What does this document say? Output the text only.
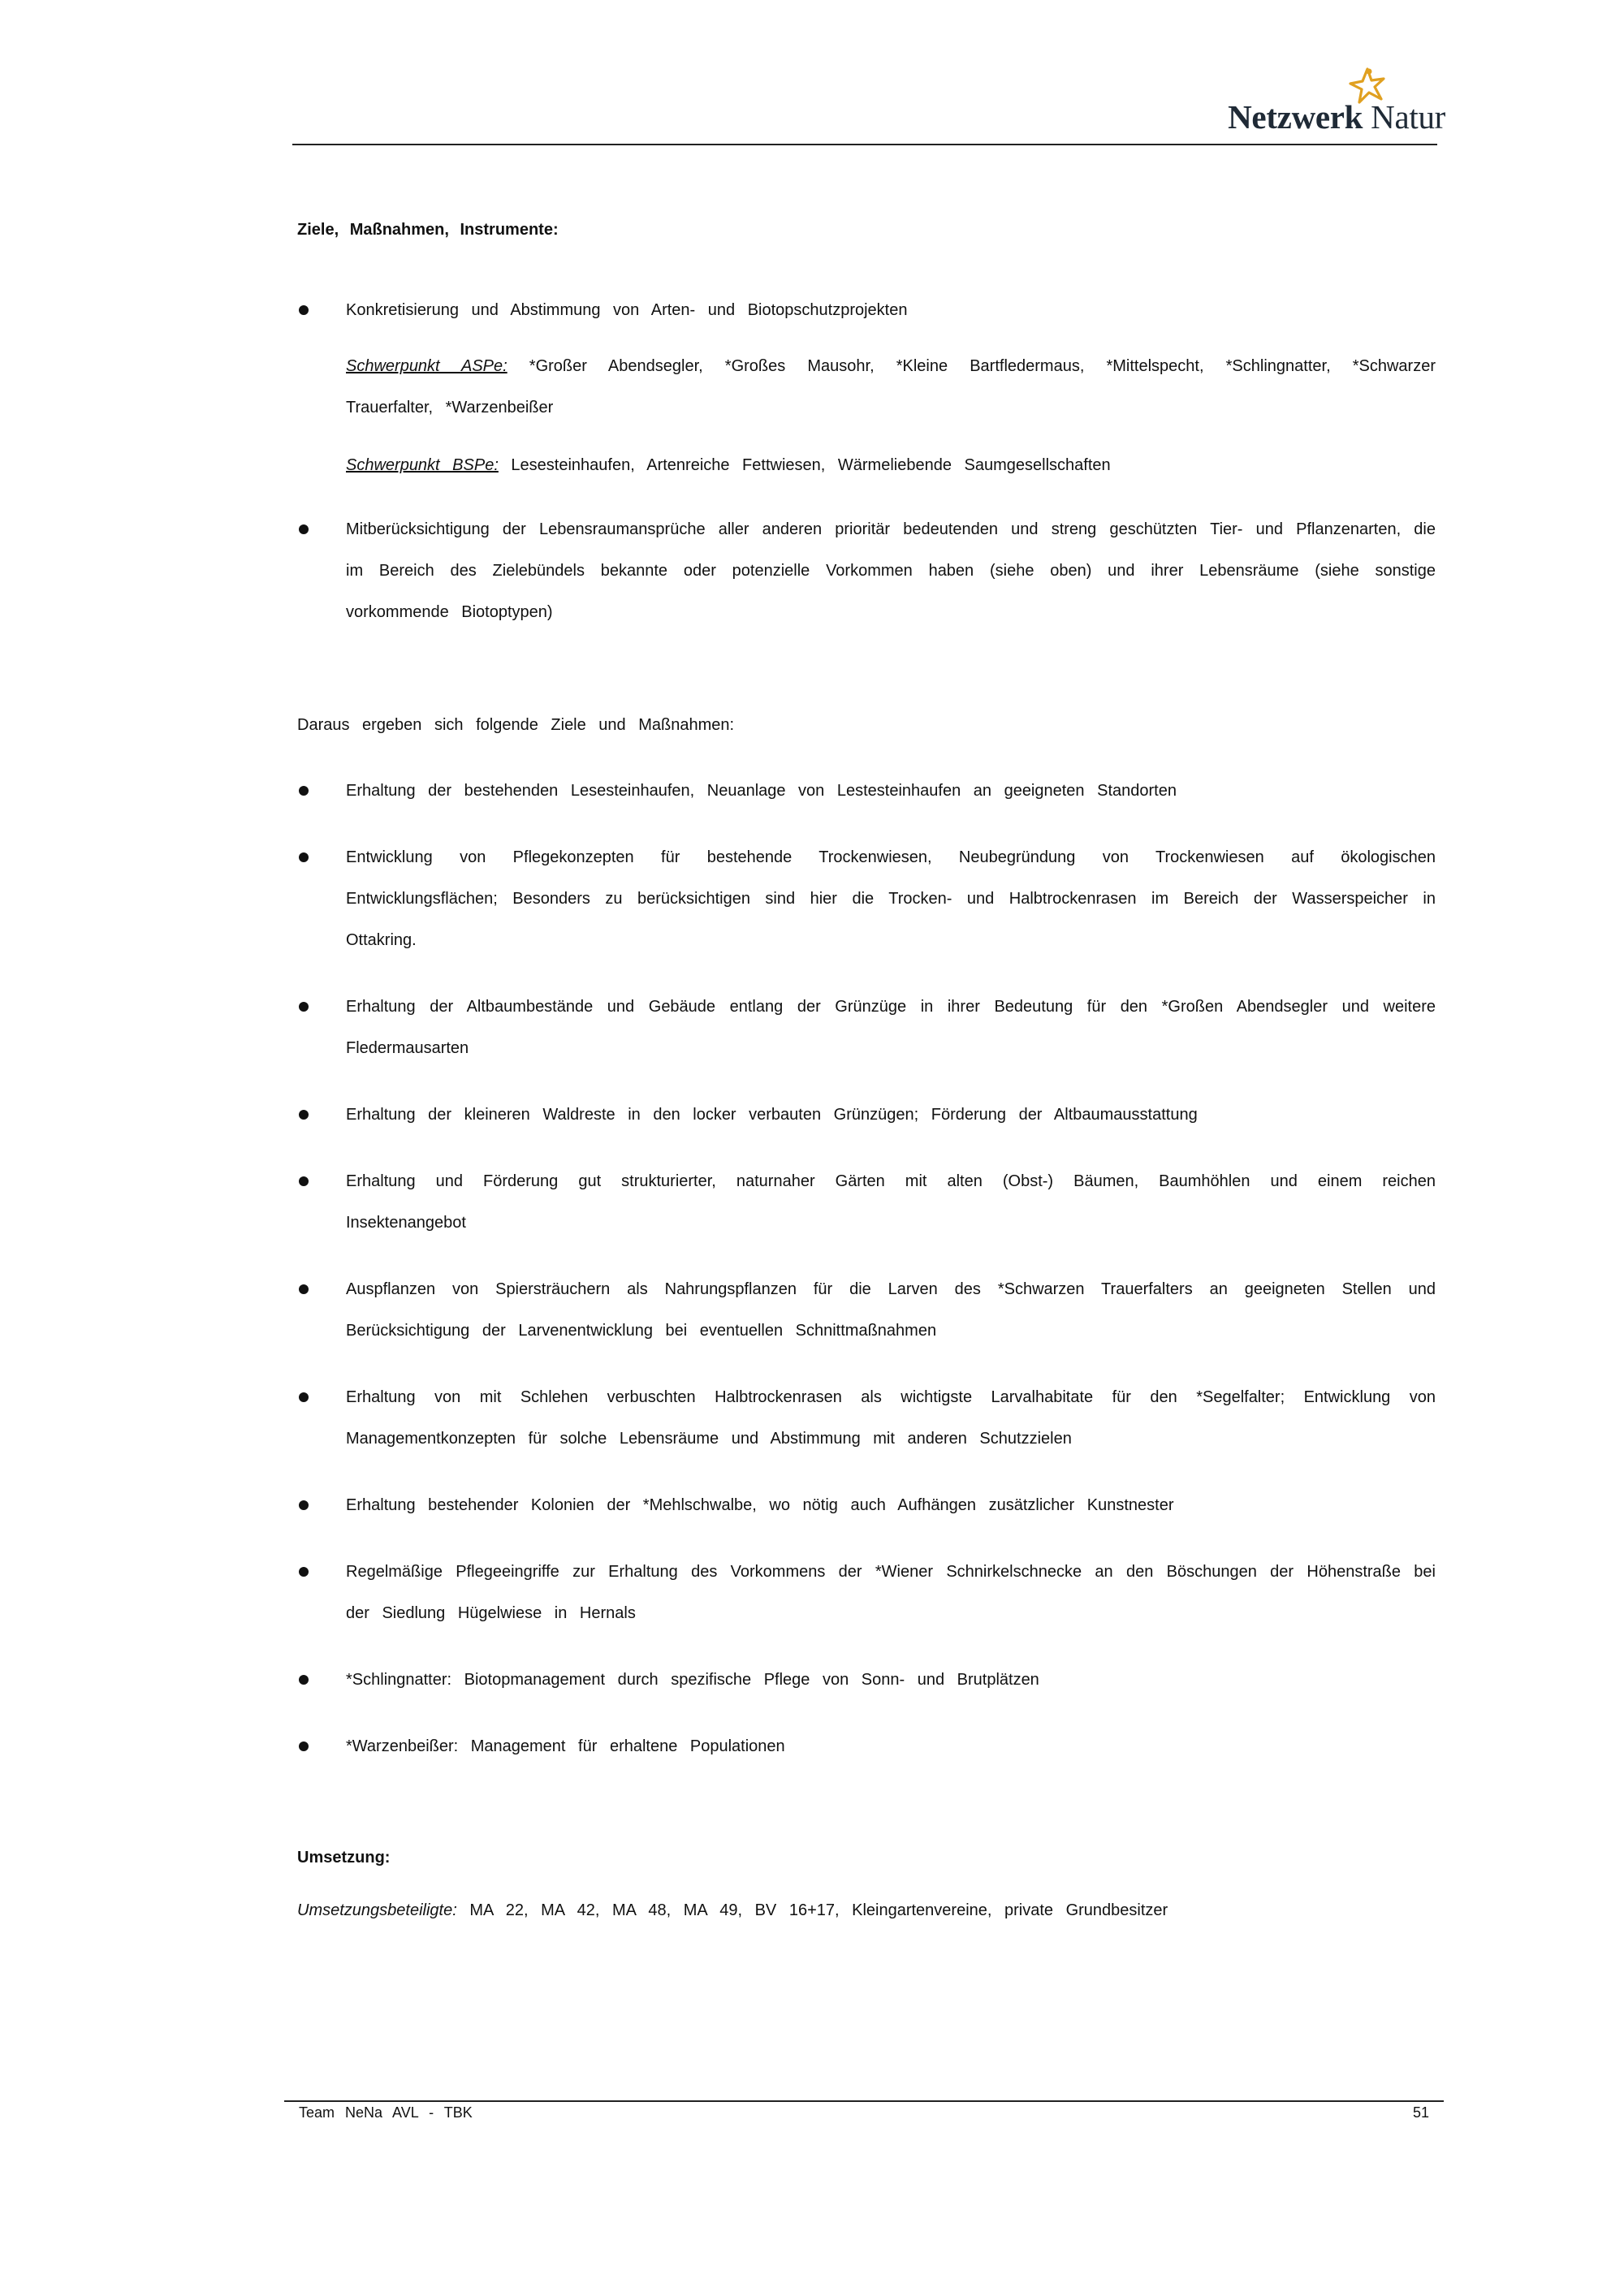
Netzwerk Natur

Ziele, Maßnahmen, Instrumente:

Konkretisierung und Abstimmung von Arten- und Biotopschutzprojekten

Schwerpunkt ASPe: *Großer Abendsegler, *Großes Mausohr, *Kleine Bartfledermaus, *Mittelspecht, *Schlingnatter, *Schwarzer Trauerfalter, *Warzenbeißer

Schwerpunkt BSPe: Lesesteinhaufen, Artenreiche Fettwiesen, Wärmeliebende Saumgesellschaften

Mitberücksichtigung der Lebensraumansprüche aller anderen prioritär bedeutenden und streng geschützten Tier- und Pflanzenarten, die im Bereich des Zielebündels bekannte oder potenzielle Vorkommen haben (siehe oben) und ihrer Lebensräume (siehe sonstige vorkommende Biotoptypen)

Daraus ergeben sich folgende Ziele und Maßnahmen:

Erhaltung der bestehenden Lesesteinhaufen, Neuanlage von Lestesteinhaufen an geeigneten Standorten
Entwicklung von Pflegekonzepten für bestehende Trockenwiesen, Neubegründung von Trockenwiesen auf ökologischen Entwicklungsflächen; Besonders zu berücksichtigen sind hier die Trocken- und Halbtrockenrasen im Bereich der Wasserspeicher in Ottakring.
Erhaltung der Altbaumbestände und Gebäude entlang der Grünzüge in ihrer Bedeutung für den *Großen Abendsegler und weitere Fledermausarten
Erhaltung der kleineren Waldreste in den locker verbauten Grünzügen; Förderung der Altbaumausstattung
Erhaltung und Förderung gut strukturierter, naturnaher Gärten mit alten (Obst-) Bäumen, Baumhöhlen und einem reichen Insektenangebot
Auspflanzen von Spiersträuchern als Nahrungspflanzen für die Larven des *Schwarzen Trauerfalters an geeigneten Stellen und Berücksichtigung der Larvenentwicklung bei eventuellen Schnittmaßnahmen
Erhaltung von mit Schlehen verbuschten Halbtrockenrasen als wichtigste Larvalhabitate für den *Segelfalter; Entwicklung von Managementkonzepten für solche Lebensräume und Abstimmung mit anderen Schutzzielen
Erhaltung bestehender Kolonien der *Mehlschwalbe, wo nötig auch Aufhängen zusätzlicher Kunstnester
Regelmäßige Pflegeeingriffe zur Erhaltung des Vorkommens der *Wiener Schnirkelschnecke an den Böschungen der Höhenstraße bei der Siedlung Hügelwiese in Hernals
*Schlingnatter: Biotopmanagement durch spezifische Pflege von Sonn- und Brutplätzen
*Warzenbeißer: Management für erhaltene Populationen

Umsetzung:

Umsetzungsbeteiligte: MA 22, MA 42, MA 48, MA 49, BV 16+17, Kleingartenvereine, private Grundbesitzer

Team NeNa AVL - TBK	51
